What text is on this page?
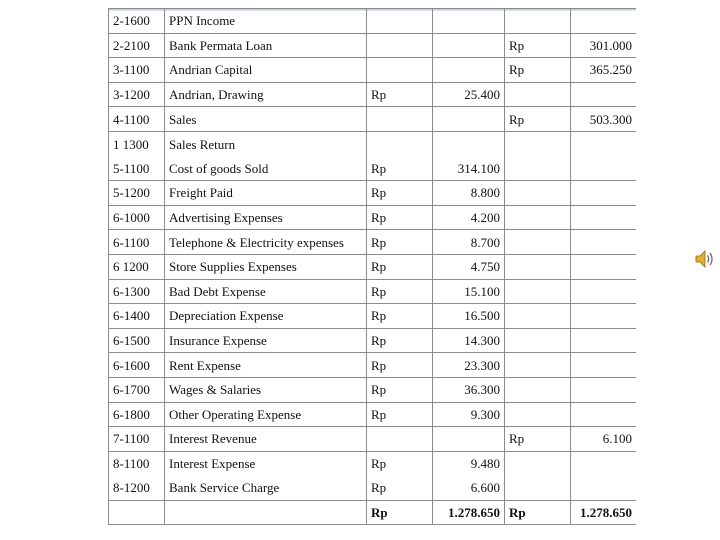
2-1600	PPN Income				
2-2100	Bank Permata Loan			Rp	301.000
3-1100	Andrian Capital			Rp	365.250
3-1200	Andrian, Drawing	Rp	25.400		
4-1100	Sales			Rp	503.300
1 1300	Sales Return				
5-1100	Cost of goods Sold	Rp	314.100		
5-1200	Freight Paid	Rp	8.800		
6-1000	Advertising Expenses	Rp	4.200		
6-1100	Telephone & Electricity expenses	Rp	8.700		
6 1200	Store Supplies Expenses	Rp	4.750		
6-1300	Bad Debt Expense	Rp	15.100		
6-1400	Depreciation Expense	Rp	16.500		
6-1500	Insurance Expense	Rp	14.300		
6-1600	Rent Expense	Rp	23.300		
6-1700	Wages & Salaries	Rp	36.300		
6-1800	Other Operating Expense	Rp	9.300		
7-1100	Interest Revenue			Rp	6.100
8-1100	Interest Expense	Rp	9.480		
8-1200	Bank Service Charge	Rp	6.600		
		Rp	1.278.650	Rp	1.278.650
